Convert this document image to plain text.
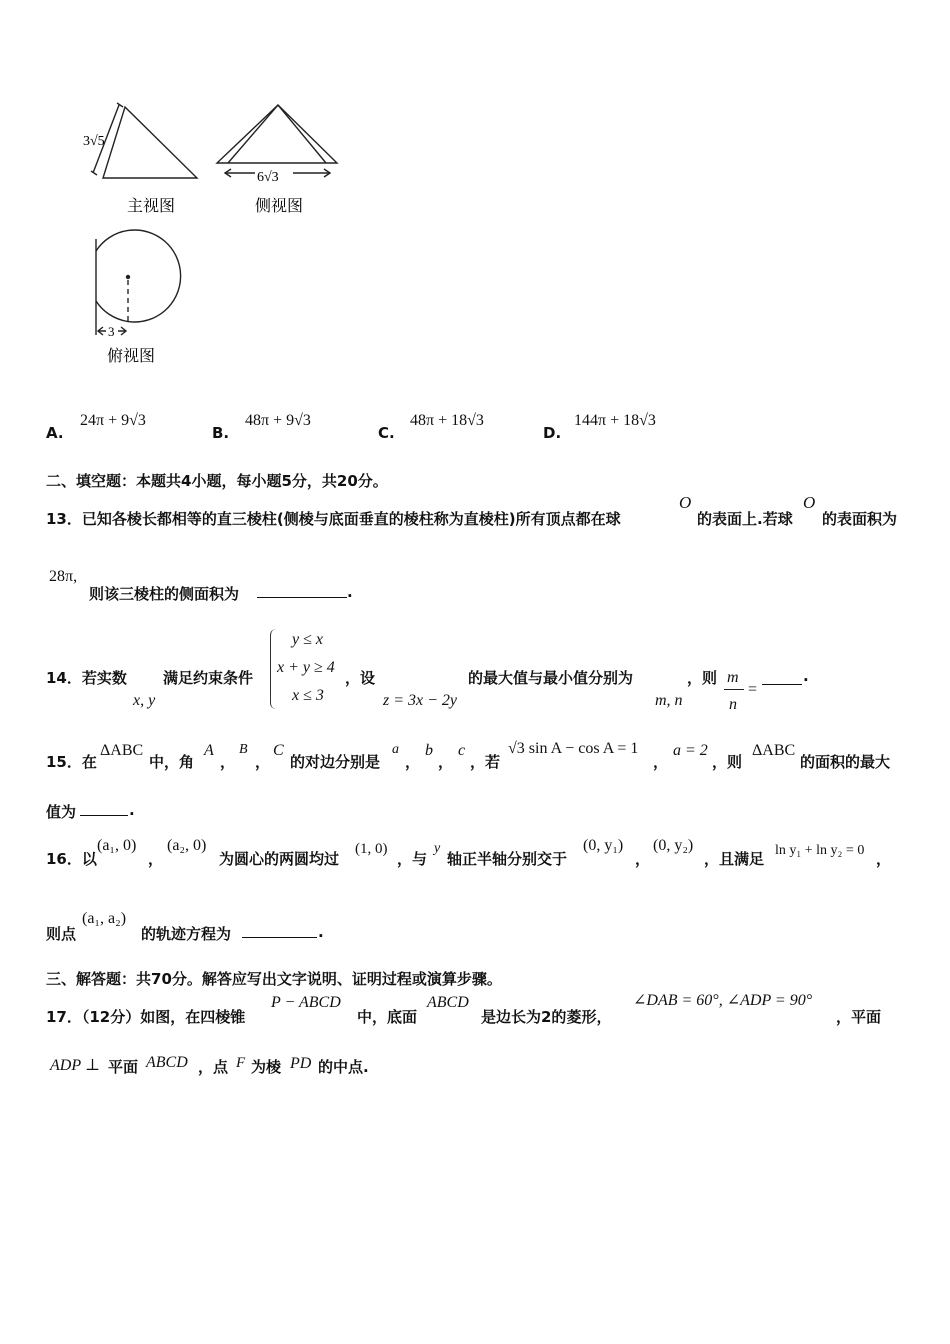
3√5
主视图
6√3
侧视图
3
俯视图
A.
24π + 9√3
B.
48π + 9√3
C.
48π + 18√3
D.
144π + 18√3
二、填空题：本题共4小题，每小题5分，共20分。
13．已知各棱长都相等的直三棱柱(侧棱与底面垂直的棱柱称为直棱柱)所有顶点都在球
O
的表面上.若球
O
的表面积为
28π,
则该三棱柱的侧面积为	.
14．若实数
x, y
满足约束条件
y ≤ x
x + y ≥ 4
x ≤ 3
，设
z = 3x − 2y
的最大值与最小值分别为
m, n
，则 m
n
=
.
15．在
ΔABC
中，角
A
，
B
，
C
的对边分别是
a
，
b
，
c
，若
√3 sin A − cos A = 1
，
a = 2
，则
ΔABC
的面积的最大
值为	.
16．以
(a₁, 0)
，
(a₂, 0)
为圆心的两圆均过
(1, 0)
，与
y
轴正半轴分别交于
(0, y₁)
，
(0, y₂)
，且满足 ln y₁ + ln y₂ = 0 ，
则点
(a₁, a₂)
的轨迹方程为	.
三、解答题：共70分。解答应写出文字说明、证明过程或演算步骤。
17．（12分）如图，在四棱锥
P − ABCD
中，底面
ABCD
是边长为2的菱形，
∠DAB = 60°, ∠ADP = 90°
，平面
ADP ⊥ 平面 ABCD ，点 F 为棱 PD 的中点.
